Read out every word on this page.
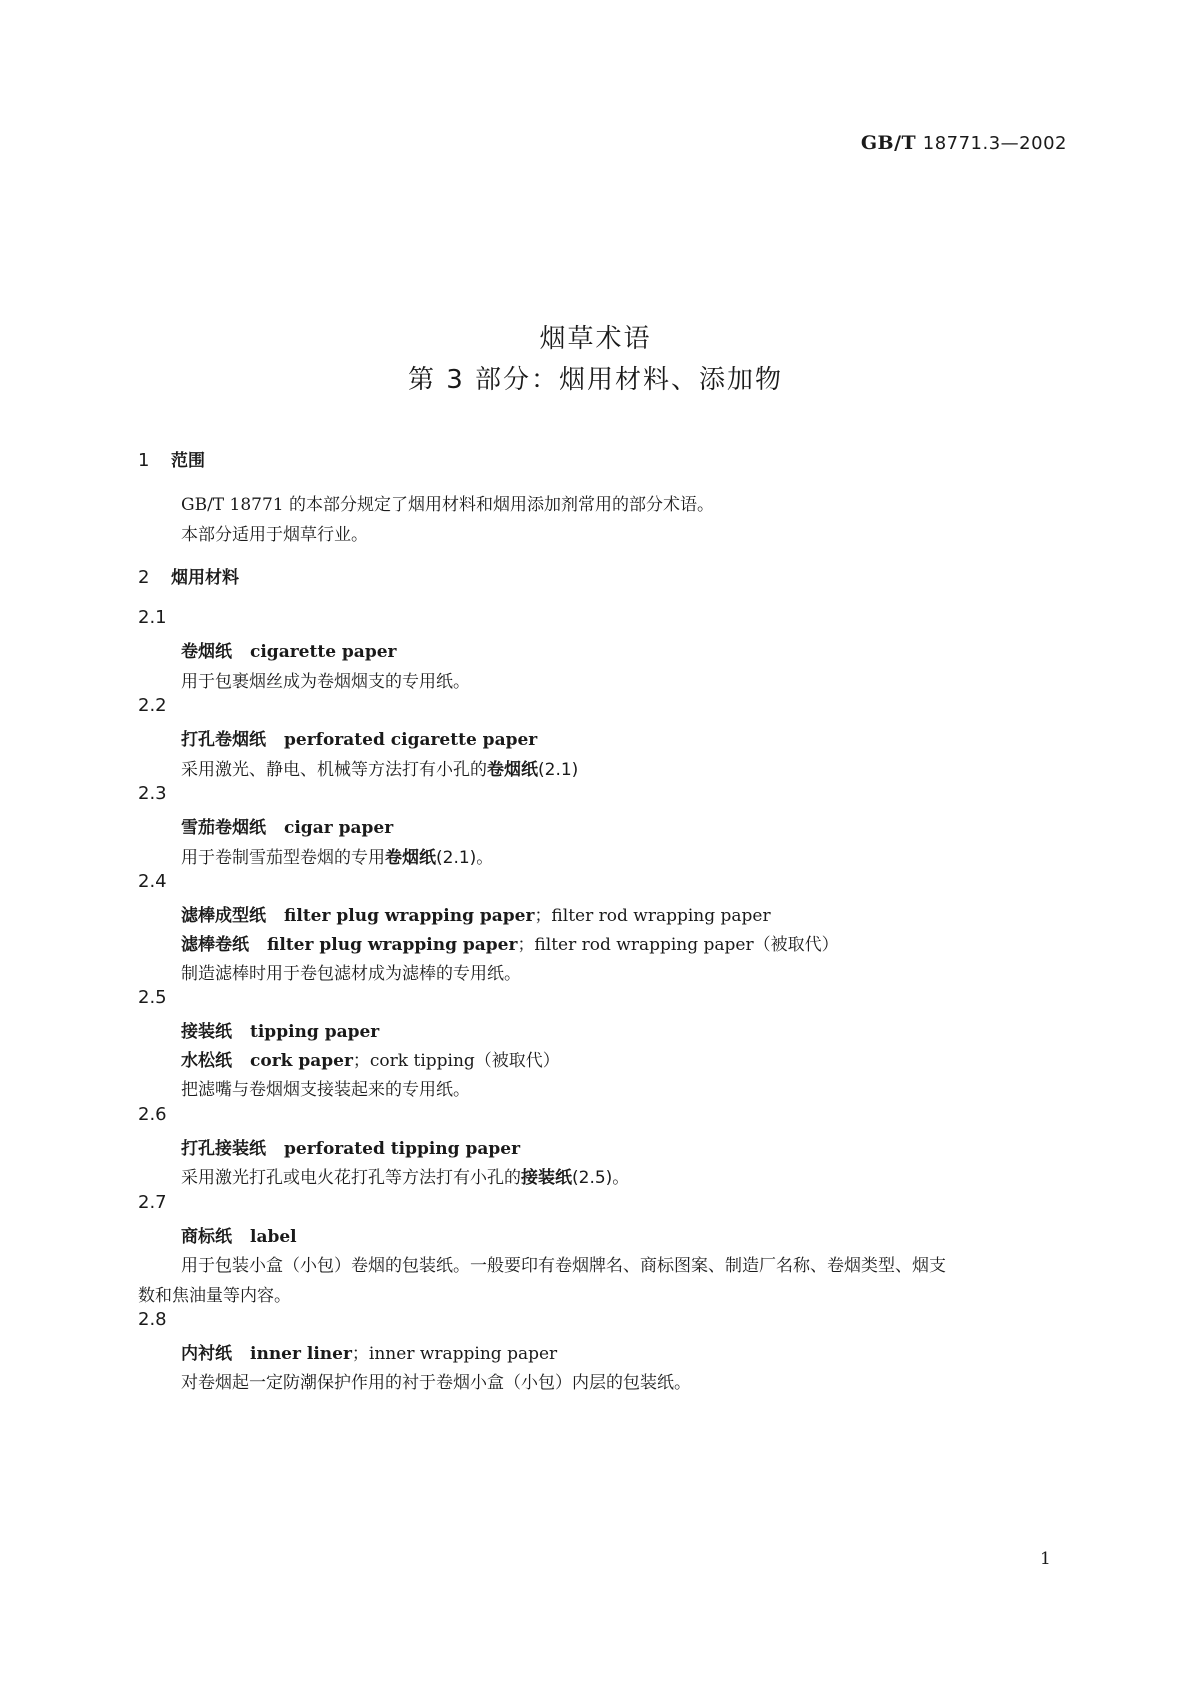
GB/T 18771.3—2002
烟草术语
第 3 部分：烟用材料、添加物
1 范围
GB/T 18771 的本部分规定了烟用材料和烟用添加剂常用的部分术语。
本部分适用于烟草行业。
2 烟用材料
2.1
卷烟纸 cigarette paper
用于包裹烟丝成为卷烟烟支的专用纸。
2.2
打孔卷烟纸 perforated cigarette paper
采用激光、静电、机械等方法打有小孔的卷烟纸(2.1)
2.3
雪茄卷烟纸 cigar paper
用于卷制雪茄型卷烟的专用卷烟纸(2.1)。
2.4
滤棒成型纸 filter plug wrapping paper；filter rod wrapping paper
滤棒卷纸 filter plug wrapping paper；filter rod wrapping paper（被取代）
制造滤棒时用于卷包滤材成为滤棒的专用纸。
2.5
接装纸 tipping paper
水松纸 cork paper；cork tipping（被取代）
把滤嘴与卷烟烟支接装起来的专用纸。
2.6
打孔接装纸 perforated tipping paper
采用激光打孔或电火花打孔等方法打有小孔的接装纸(2.5)。
2.7
商标纸 label
用于包装小盒（小包）卷烟的包装纸。一般要印有卷烟牌名、商标图案、制造厂名称、卷烟类型、烟支
数和焦油量等内容。
2.8
内衬纸 inner liner；inner wrapping paper
对卷烟起一定防潮保护作用的衬于卷烟小盒（小包）内层的包装纸。
1
